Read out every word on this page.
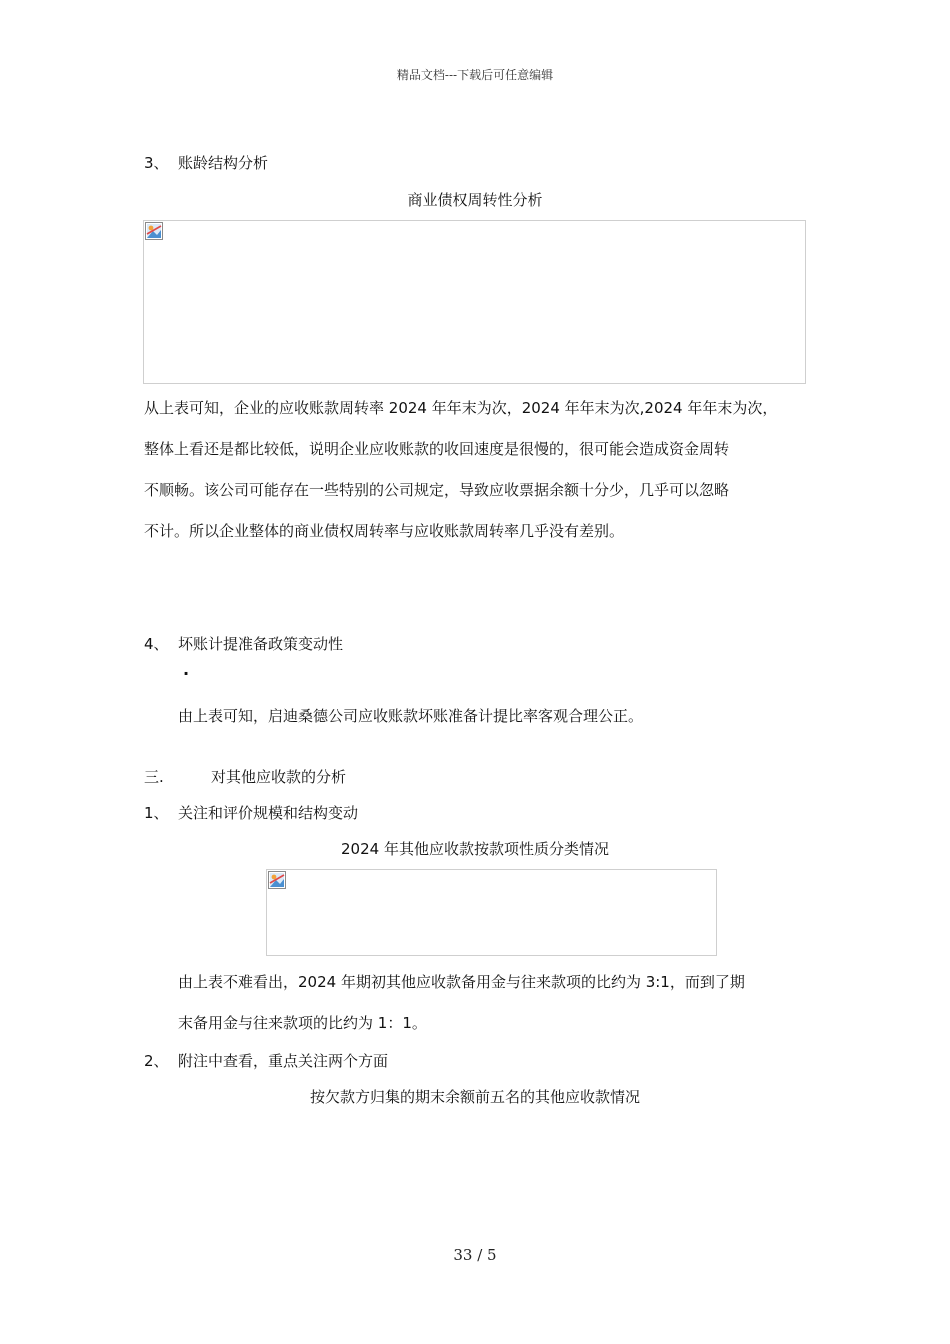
精品文档---下载后可任意编辑
3、 账龄结构分析
商业债权周转性分析
从上表可知，企业的应收账款周转率 2024 年年末为次，2024 年年末为次,2024 年年末为次，
整体上看还是都比较低，说明企业应收账款的收回速度是很慢的，很可能会造成资金周转
不顺畅。该公司可能存在一些特别的公司规定，导致应收票据余额十分少，几乎可以忽略
不计。所以企业整体的商业债权周转率与应收账款周转率几乎没有差别。
4、 坏账计提准备政策变动性
·
由上表可知，启迪桑德公司应收账款坏账准备计提比率客观合理公正。
三.	对其他应收款的分析
1、 关注和评价规模和结构变动
2024 年其他应收款按款项性质分类情况
由上表不难看出，2024 年期初其他应收款备用金与往来款项的比约为 3:1，而到了期
末备用金与往来款项的比约为 1：1。
2、 附注中查看，重点关注两个方面
按欠款方归集的期末余额前五名的其他应收款情况
33 / 5
